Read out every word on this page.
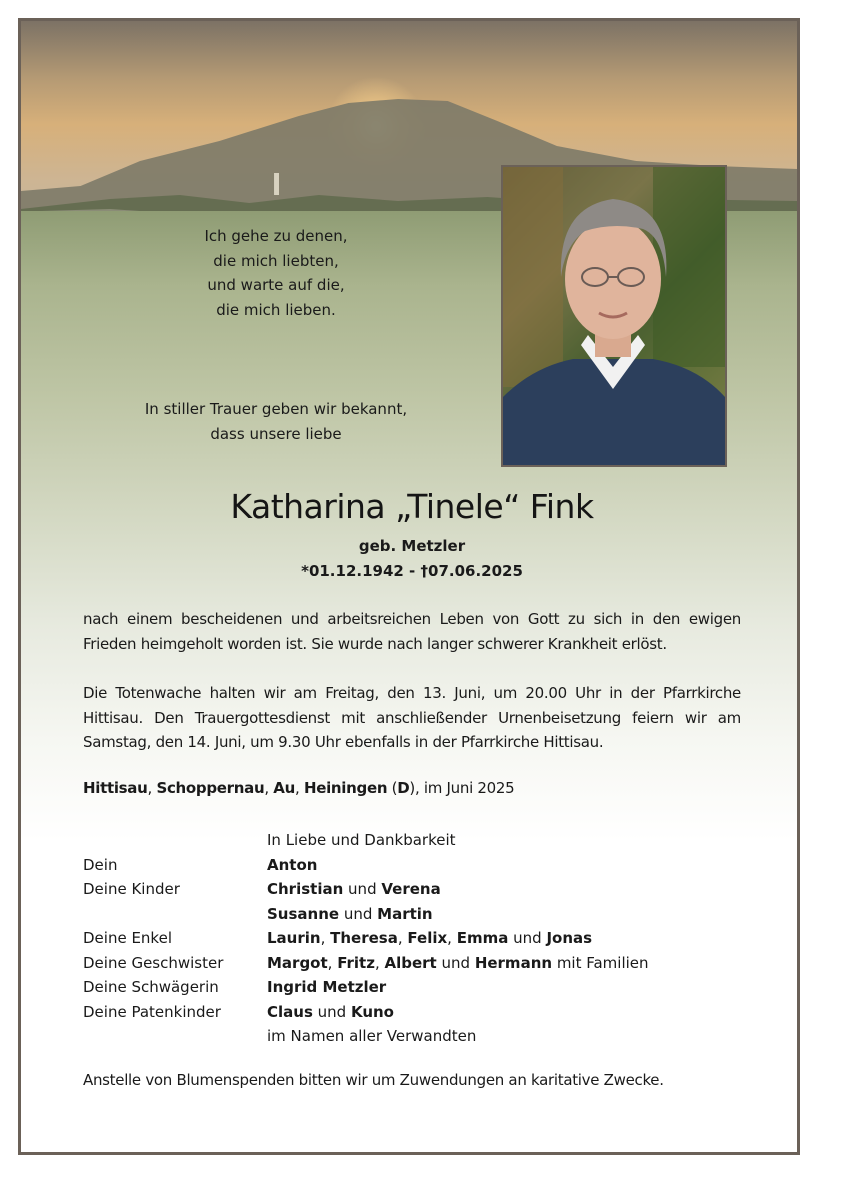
Ich gehe zu denen,
die mich liebten,
und warte auf die,
die mich lieben.
In stiller Trauer geben wir bekannt,
dass unsere liebe
Katharina „Tinele“ Fink
geb. Metzler
*01.12.1942 - †07.06.2025
nach einem bescheidenen und arbeitsreichen Leben von Gott zu sich in den ewigen Frieden heimgeholt worden ist. Sie wurde nach langer schwerer Krankheit erlöst.
Die Totenwache halten wir am Freitag, den 13. Juni, um 20.00 Uhr in der Pfarrkirche Hittisau. Den Trauergottesdienst mit anschließender Urnenbeisetzung feiern wir am Samstag, den 14. Juni, um 9.30 Uhr ebenfalls in der Pfarrkirche Hittisau.
Hittisau, Schoppernau, Au, Heiningen (D), im Juni 2025
In Liebe und Dankbarkeit
Dein	Anton
Deine Kinder	Christian und Verena
Susanne und Martin
Deine Enkel	Laurin, Theresa, Felix, Emma und Jonas
Deine Geschwister	Margot, Fritz, Albert und Hermann mit Familien
Deine Schwägerin	Ingrid Metzler
Deine Patenkinder	Claus und Kuno
im Namen aller Verwandten
Anstelle von Blumenspenden bitten wir um Zuwendungen an karitative Zwecke.
